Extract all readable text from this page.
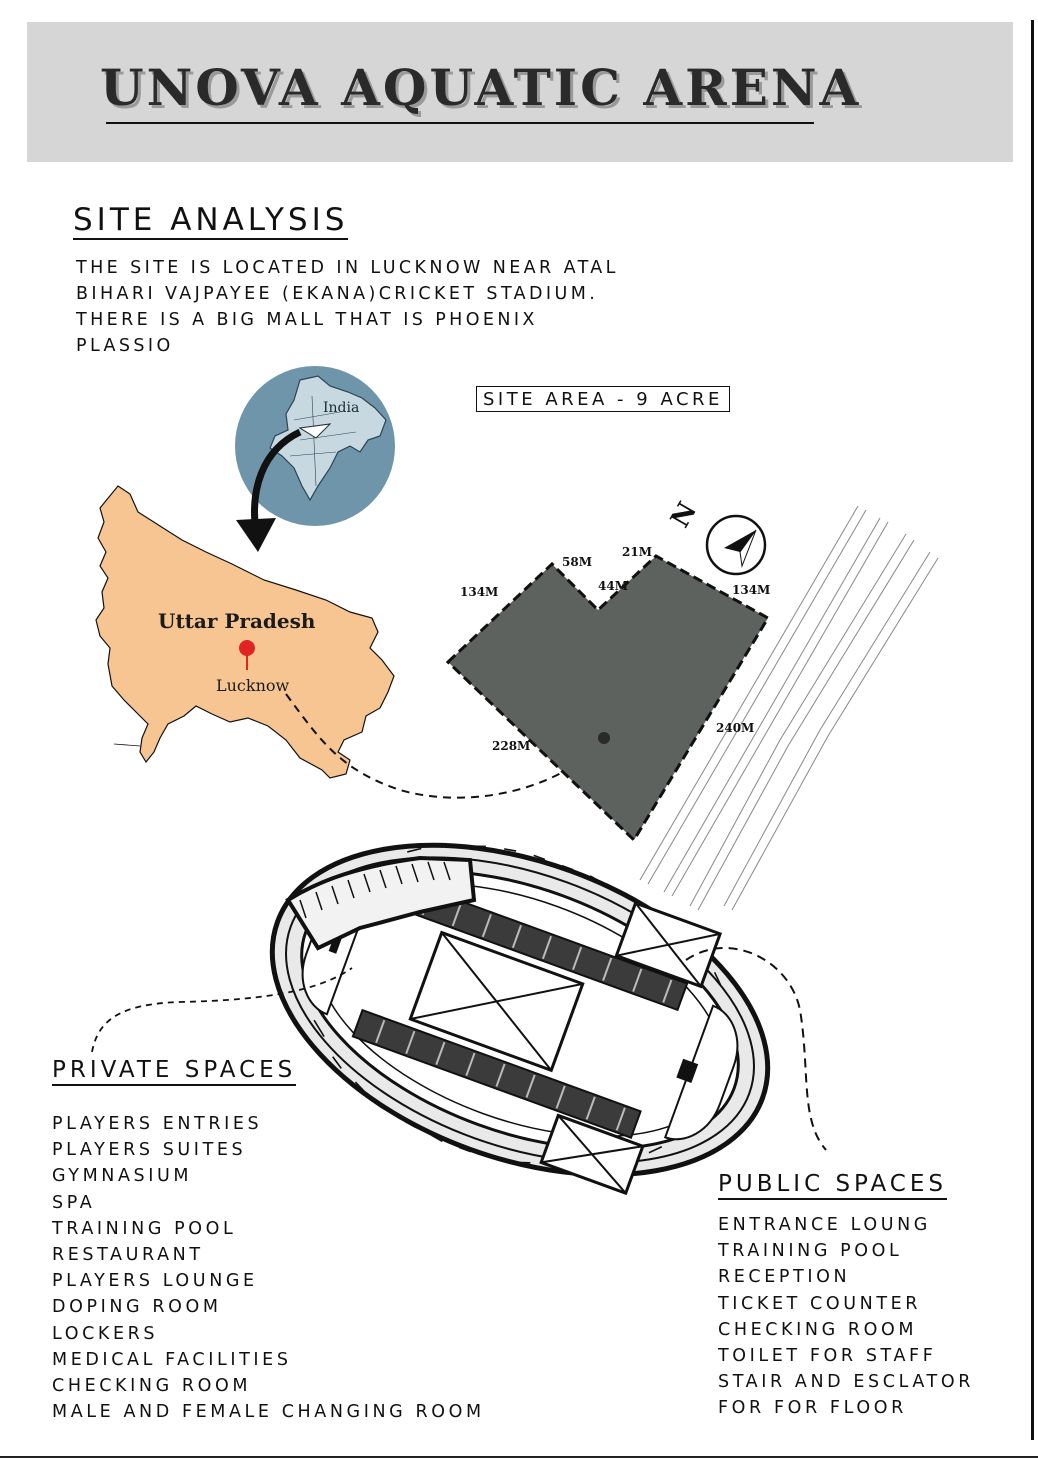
UNOVA AQUATIC ARENA
SITE ANALYSIS
THE SITE IS LOCATED IN LUCKNOW NEAR ATAL
BIHARI VAJPAYEE (EKANA)CRICKET STADIUM.
THERE IS A BIG MALL THAT IS PHOENIX
PLASSIO
SITE AREA - 9 ACRE
India
Uttar Pradesh
Lucknow
134M
58M
44M
21M
134M
240M
228M
N
PRIVATE SPACES
PLAYERS ENTRIES
PLAYERS SUITES
GYMNASIUM
SPA
TRAINING POOL
RESTAURANT
PLAYERS LOUNGE
DOPING ROOM
LOCKERS
MEDICAL FACILITIES
CHECKING ROOM
MALE AND FEMALE CHANGING ROOM
PUBLIC SPACES
ENTRANCE LOUNG
TRAINING POOL
RECEPTION
TICKET COUNTER
CHECKING ROOM
TOILET FOR STAFF
STAIR AND ESCLATOR
FOR FOR FLOOR
